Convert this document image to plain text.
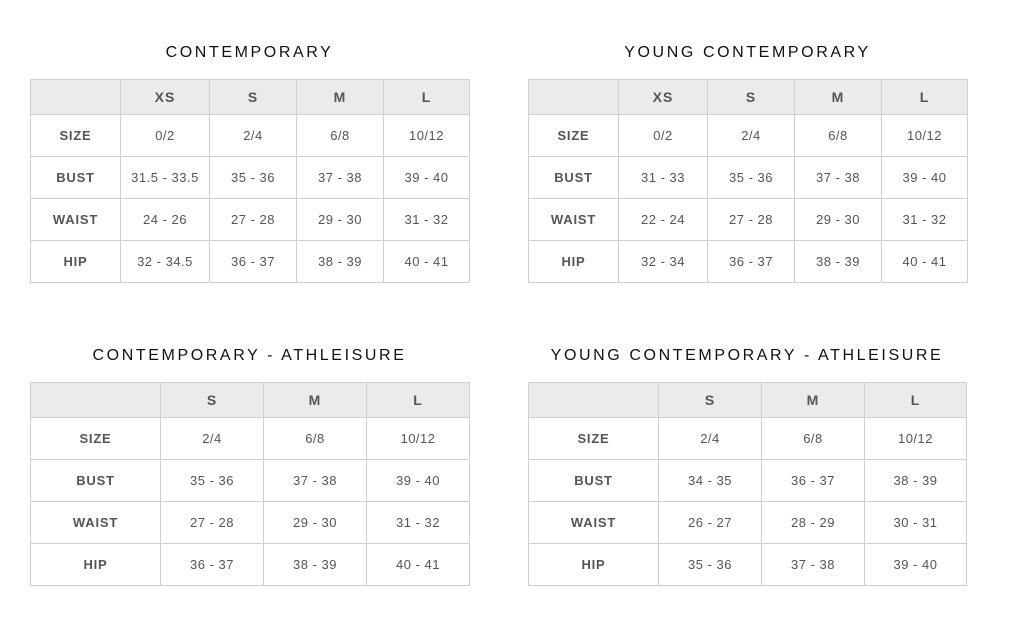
CONTEMPORARY
	XS	S	M	L
SIZE	0/2	2/4	6/8	10/12
BUST	31.5 - 33.5	35 - 36	37 - 38	39 - 40
WAIST	24 - 26	27 - 28	29 - 30	31 - 32
HIP	32 - 34.5	36 - 37	38 - 39	40 - 41
YOUNG CONTEMPORARY
	XS	S	M	L
SIZE	0/2	2/4	6/8	10/12
BUST	31 - 33	35 - 36	37 - 38	39 - 40
WAIST	22 - 24	27 - 28	29 - 30	31 - 32
HIP	32 - 34	36 - 37	38 - 39	40 - 41
CONTEMPORARY - ATHLEISURE
	S	M	L
SIZE	2/4	6/8	10/12
BUST	35 - 36	37 - 38	39 - 40
WAIST	27 - 28	29 - 30	31 - 32
HIP	36 - 37	38 - 39	40 - 41
YOUNG CONTEMPORARY - ATHLEISURE
	S	M	L
SIZE	2/4	6/8	10/12
BUST	34 - 35	36 - 37	38 - 39
WAIST	26 - 27	28 - 29	30 - 31
HIP	35 - 36	37 - 38	39 - 40
